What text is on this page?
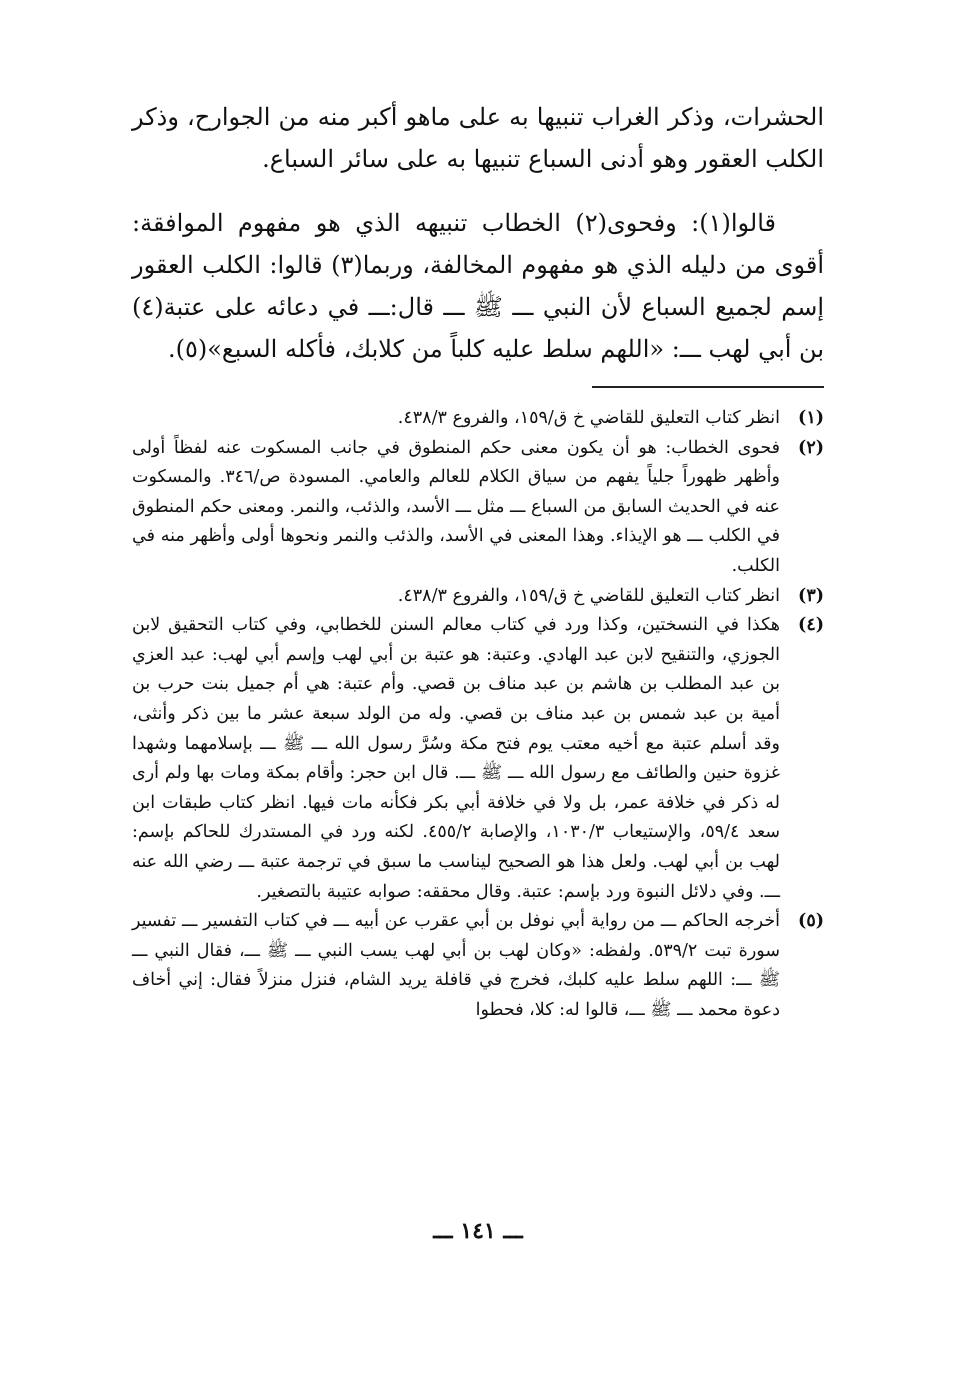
الحشرات، وذكر الغراب تنبيها به على ماهو أكبر منه من الجوارح، وذكر الكلب العقور وهو أدنى السباع تنبيها به على سائر السباع.

قالوا(١): وفحوى(٢) الخطاب تنبيهه الذي هو مفهوم الموافقة: أقوى من دليله الذي هو مفهوم المخالفة، وربما(٣) قالوا: الكلب العقور إسم لجميع السباع لأن النبي ـــ ﷺ ـــ قال:ـــ في دعائه على عتبة(٤) بن أبي لهب ـــ: «اللهم سلط عليه كلباً من كلابك، فأكله السبع»(٥).

(١)
انظر كتاب التعليق للقاضي خ ق/١٥٩، والفروع ٤٣٨/٣.
(٢)
فحوى الخطاب: هو أن يكون معنى حكم المنطوق في جانب المسكوت عنه لفظاً أولى وأظهر ظهوراً جلياً يفهم من سياق الكلام للعالم والعامي. المسودة ص/٣٤٦. والمسكوت عنه في الحديث السابق من السباع ـــ مثل ـــ الأسد، والذئب، والنمر. ومعنى حكم المنطوق في الكلب ـــ هو الإيذاء. وهذا المعنى في الأسد، والذئب والنمر ونحوها أولى وأظهر منه في الكلب.
(٣)
انظر كتاب التعليق للقاضي خ ق/١٥٩، والفروع ٤٣٨/٣.
(٤)
هكذا في النسختين، وكذا ورد في كتاب معالم السنن للخطابي، وفي كتاب التحقيق لابن الجوزي، والتنقيح لابن عبد الهادي. وعتبة: هو عتبة بن أبي لهب وإسم أبي لهب: عبد العزي بن عبد المطلب بن هاشم بن عبد مناف بن قصي. وأم عتبة: هي أم جميل بنت حرب بن أمية بن عبد شمس بن عبد مناف بن قصي. وله من الولد سبعة عشر ما بين ذكر وأنثى، وقد أسلم عتبة مع أخيه معتب يوم فتح مكة وسُرَّ رسول الله ـــ ﷺ ـــ بإسلامهما وشهدا غزوة حنين والطائف مع رسول الله ـــ ﷺ ـــ. قال ابن حجر: وأقام بمكة ومات بها ولم أرى له ذكر في خلافة عمر، بل ولا في خلافة أبي بكر فكأنه مات فيها. انظر كتاب طبقات ابن سعد ٥٩/٤، والإستيعاب ١٠٣٠/٣، والإصابة ٤٥٥/٢. لكنه ورد في المستدرك للحاكم بإسم: لهب بن أبي لهب. ولعل هذا هو الصحيح ليناسب ما سبق في ترجمة عتبة ـــ رضي الله عنه ـــ. وفي دلائل النبوة ورد بإسم: عتبة. وقال محققه: صوابه عتيبة بالتصغير.
(٥)
أخرجه الحاكم ـــ من رواية أبي نوفل بن أبي عقرب عن أبيه ـــ في كتاب التفسير ـــ تفسير سورة تبت ٥٣٩/٢. ولفظه: «وكان لهب بن أبي لهب يسب النبي ـــ ﷺ ـــ، فقال النبي ـــ ﷺ ـــ: اللهم سلط عليه كلبك، فخرج في قافلة يريد الشام، فنزل منزلاً فقال: إني أخاف دعوة محمد ـــ ﷺ ـــ، قالوا له: كلا، فحطوا
ـــ ١٤١ ـــ
